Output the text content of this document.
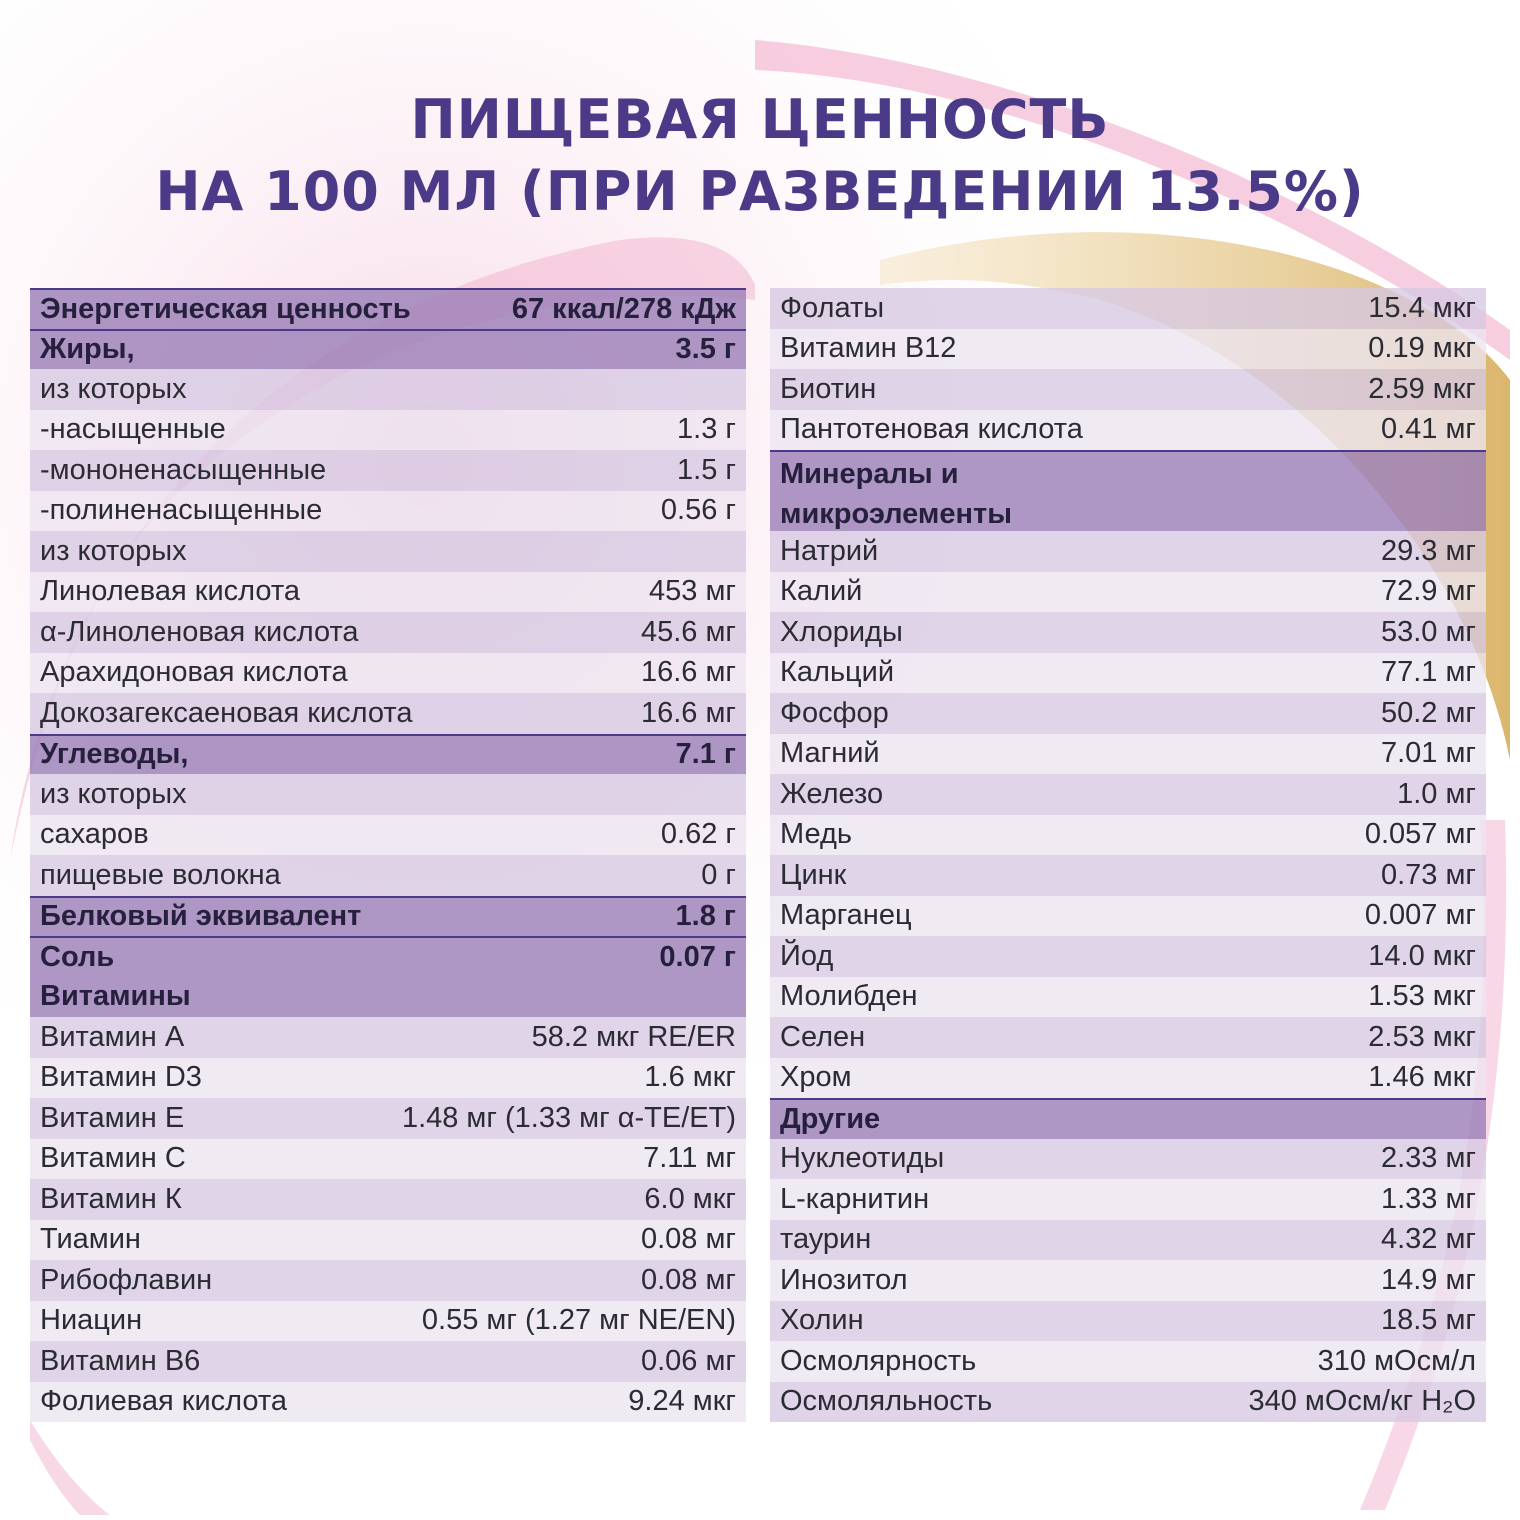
ПИЩЕВАЯ ЦЕННОСТЬ
НА 100 МЛ (ПРИ РАЗВЕДЕНИИ 13.5%)
Энергетическая ценность	67 ккал/278 кДж
Жиры,	3.5 г
из которых
-насыщенные	1.3 г
-мононенасыщенные	1.5 г
-полиненасыщенные	0.56 г
из которых
Линолевая кислота	453 мг
α-Линоленовая кислота	45.6 мг
Арахидоновая кислота	16.6 мг
Докозагексаеновая кислота	16.6 мг
Углеводы,	7.1 г
из которых
сахаров	0.62 г
пищевые волокна	0 г
Белковый эквивалент	1.8 г
Соль	0.07 г
Витамины
Витамин А	58.2 мкг RE/ER
Витамин D3	1.6 мкг
Витамин Е	1.48 мг (1.33 мг α-TE/ET)
Витамин С	7.11 мг
Витамин К	6.0 мкг
Тиамин	0.08 мг
Рибофлавин	0.08 мг
Ниацин	0.55 мг (1.27 мг NE/EN)
Витамин В6	0.06 мг
Фолиевая кислота	9.24 мкг
Фолаты	15.4 мкг
Витамин В12	0.19 мкг
Биотин	2.59 мкг
Пантотеновая кислота	0.41 мг
Минералы и микроэлементы
Натрий	29.3 мг
Калий	72.9 мг
Хлориды	53.0 мг
Кальций	77.1 мг
Фосфор	50.2 мг
Магний	7.01 мг
Железо	1.0 мг
Медь	0.057 мг
Цинк	0.73 мг
Марганец	0.007 мг
Йод	14.0 мкг
Молибден	1.53 мкг
Селен	2.53 мкг
Хром	1.46 мкг
Другие
Нуклеотиды	2.33 мг
L-карнитин	1.33 мг
таурин	4.32 мг
Инозитол	14.9 мг
Холин	18.5 мг
Осмолярность	310 мОсм/л
Осмоляльность	340 мОсм/кг H₂O
